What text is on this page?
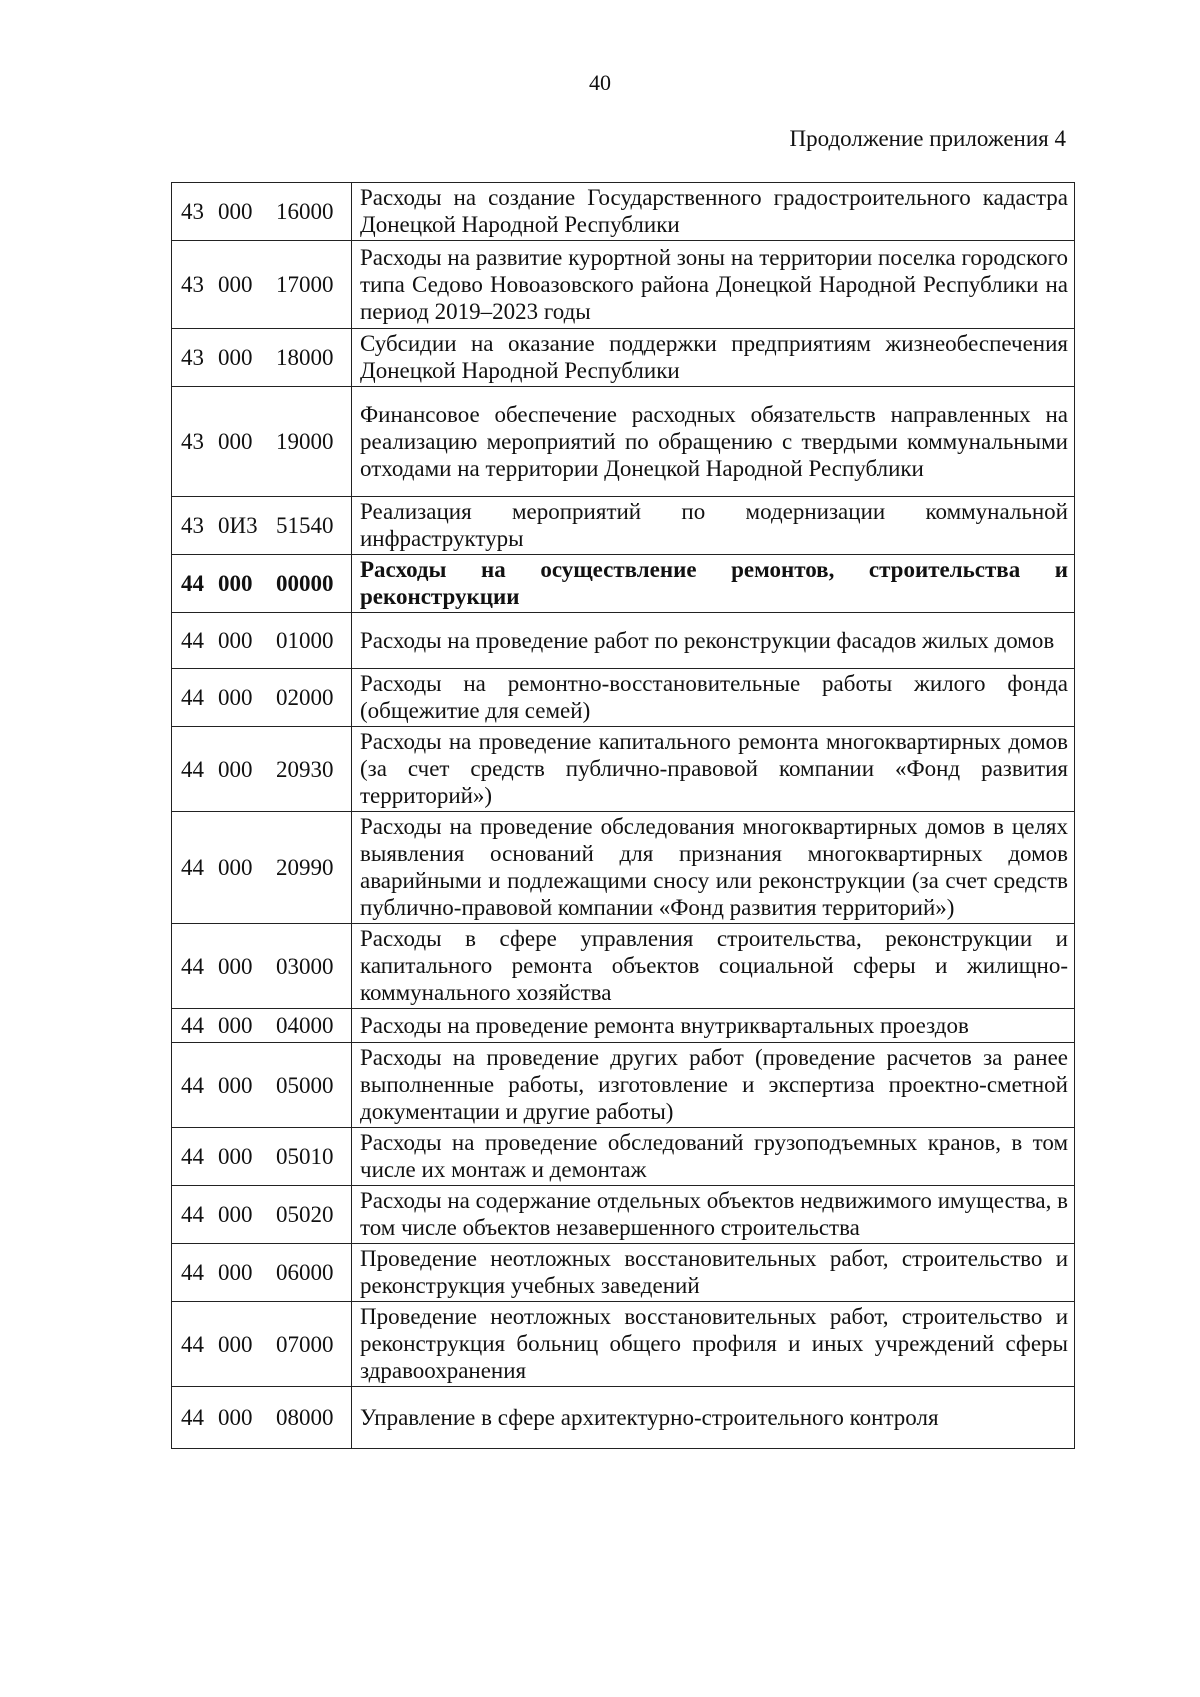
40
Продолжение приложения 4
43 000 16000	Расходы на создание Государственного градостроительного кадастра Донецкой Народной Республики
43 000 17000	Расходы на развитие курортной зоны на территории поселка городского типа Седово Новоазовского района Донецкой Народной Республики на период 2019–2023 годы
43 000 18000	Субсидии на оказание поддержки предприятиям жизнеобеспечения Донецкой Народной Республики
43 000 19000	Финансовое обеспечение расходных обязательств направленных на реализацию мероприятий по обращению с твердыми коммунальными отходами на территории Донецкой Народной Республики
43 0И3 51540	Реализация мероприятий по модернизации коммунальной инфраструктуры
44 000 00000	Расходы на осуществление ремонтов, строительства и реконструкции
44 000 01000	Расходы на проведение работ по реконструкции фасадов жилых домов
44 000 02000	Расходы на ремонтно-восстановительные работы жилого фонда (общежитие для семей)
44 000 20930	Расходы на проведение капитального ремонта многоквартирных домов (за счет средств публично-правовой компании «Фонд развития территорий»)
44 000 20990	Расходы на проведение обследования многоквартирных домов в целях выявления оснований для признания многоквартирных домов аварийными и подлежащими сносу или реконструкции (за счет средств публично-правовой компании «Фонд развития территорий»)
44 000 03000	Расходы в сфере управления строительства, реконструкции и капитального ремонта объектов социальной сферы и жилищно-коммунального хозяйства
44 000 04000	Расходы на проведение ремонта внутриквартальных проездов
44 000 05000	Расходы на проведение других работ (проведение расчетов за ранее выполненные работы, изготовление и экспертиза проектно-сметной документации и другие работы)
44 000 05010	Расходы на проведение обследований грузоподъемных кранов, в том числе их монтаж и демонтаж
44 000 05020	Расходы на содержание отдельных объектов недвижимого имущества, в том числе объектов незавершенного строительства
44 000 06000	Проведение неотложных восстановительных работ, строительство и реконструкция учебных заведений
44 000 07000	Проведение неотложных восстановительных работ, строительство и реконструкция больниц общего профиля и иных учреждений сферы здравоохранения
44 000 08000	Управление в сфере архитектурно-строительного контроля
